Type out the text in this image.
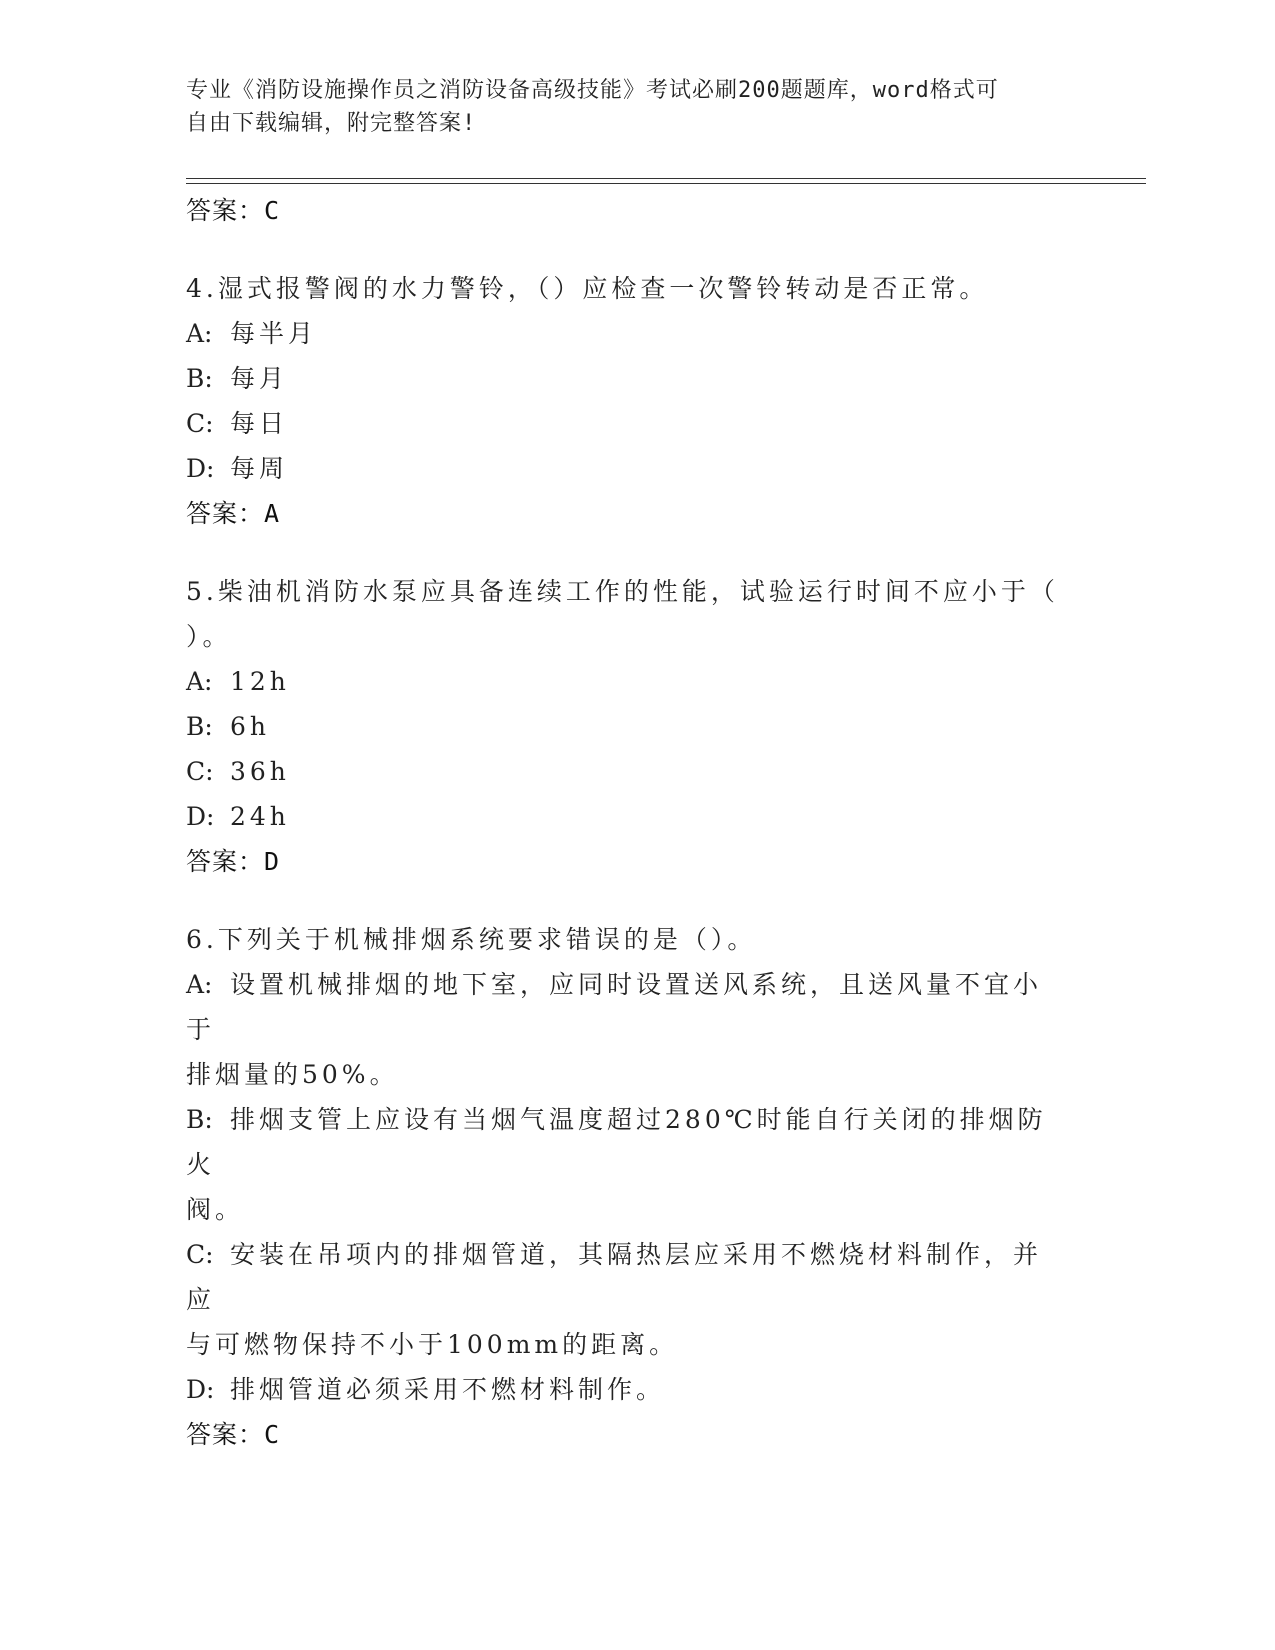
专业《消防设施操作员之消防设备高级技能》考试必刷200题题库，word格式可
自由下载编辑，附完整答案!
答案：C
4.湿式报警阀的水力警铃，（）应检查一次警铃转动是否正常。
A: 每半月
B: 每月
C: 每日
D: 每周
答案：A
5.柴油机消防水泵应具备连续工作的性能，试验运行时间不应小于（
）。
A: 12h
B: 6h
C: 36h
D: 24h
答案：D
6.下列关于机械排烟系统要求错误的是（）。
A: 设置机械排烟的地下室，应同时设置送风系统，且送风量不宜小于
排烟量的50%。
B: 排烟支管上应设有当烟气温度超过280℃时能自行关闭的排烟防火
阀。
C: 安装在吊项内的排烟管道，其隔热层应采用不燃烧材料制作，并应
与可燃物保持不小于100mm的距离。
D: 排烟管道必须采用不燃材料制作。
答案：C
